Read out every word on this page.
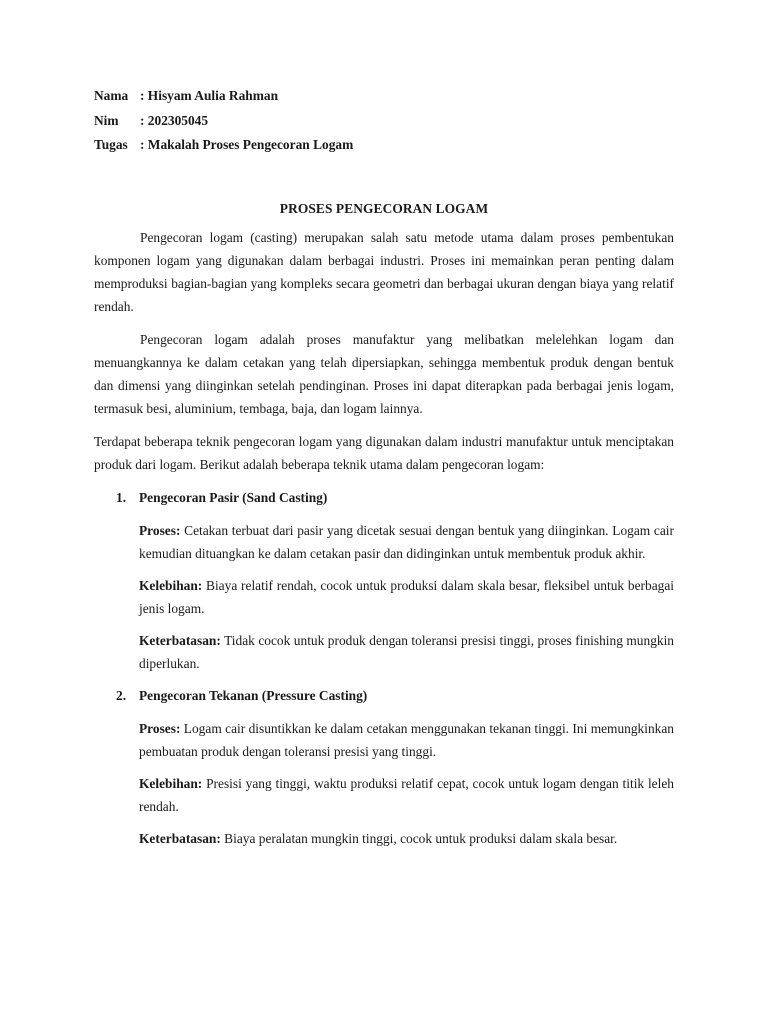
Nama : Hisyam Aulia Rahman
Nim	: 202305045
Tugas : Makalah Proses Pengecoran Logam
PROSES PENGECORAN LOGAM

Pengecoran logam (casting) merupakan salah satu metode utama dalam proses pembentukan komponen logam yang digunakan dalam berbagai industri. Proses ini memainkan peran penting dalam memproduksi bagian-bagian yang kompleks secara geometri dan berbagai ukuran dengan biaya yang relatif rendah.

Pengecoran logam adalah proses manufaktur yang melibatkan melelehkan logam dan menuangkannya ke dalam cetakan yang telah dipersiapkan, sehingga membentuk produk dengan bentuk dan dimensi yang diinginkan setelah pendinginan. Proses ini dapat diterapkan pada berbagai jenis logam, termasuk besi, aluminium, tembaga, baja, dan logam lainnya.

Terdapat beberapa teknik pengecoran logam yang digunakan dalam industri manufaktur untuk menciptakan produk dari logam. Berikut adalah beberapa teknik utama dalam pengecoran logam:

1. Pengecoran Pasir (Sand Casting)

Proses: Cetakan terbuat dari pasir yang dicetak sesuai dengan bentuk yang diinginkan. Logam cair kemudian dituangkan ke dalam cetakan pasir dan didinginkan untuk membentuk produk akhir.

Kelebihan: Biaya relatif rendah, cocok untuk produksi dalam skala besar, fleksibel untuk berbagai jenis logam.

Keterbatasan: Tidak cocok untuk produk dengan toleransi presisi tinggi, proses finishing mungkin diperlukan.

2. Pengecoran Tekanan (Pressure Casting)

Proses: Logam cair disuntikkan ke dalam cetakan menggunakan tekanan tinggi. Ini memungkinkan pembuatan produk dengan toleransi presisi yang tinggi.

Kelebihan: Presisi yang tinggi, waktu produksi relatif cepat, cocok untuk logam dengan titik leleh rendah.

Keterbatasan: Biaya peralatan mungkin tinggi, cocok untuk produksi dalam skala besar.
